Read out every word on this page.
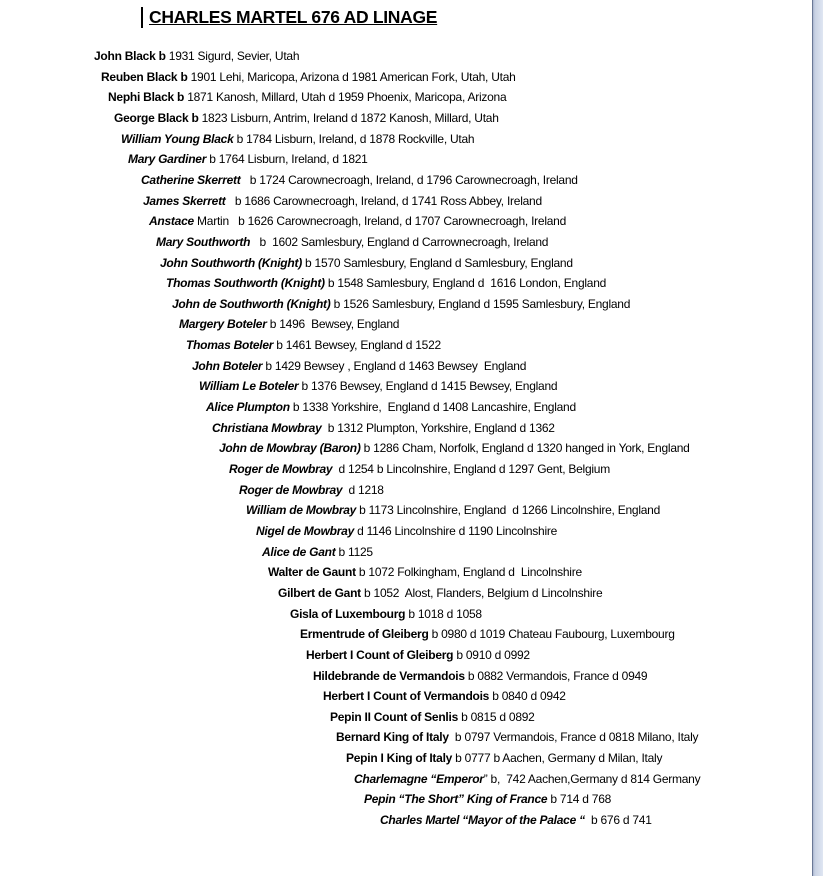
CHARLES MARTEL 676 AD LINAGE
John Black b 1931 Sigurd, Sevier, Utah
Reuben Black b 1901 Lehi, Maricopa, Arizona d 1981 American Fork, Utah, Utah
Nephi Black b 1871 Kanosh, Millard, Utah d 1959 Phoenix, Maricopa, Arizona
George Black b 1823 Lisburn, Antrim, Ireland d 1872 Kanosh, Millard, Utah
William Young Black b 1784 Lisburn, Ireland, d 1878 Rockville, Utah
Mary Gardiner b 1764 Lisburn, Ireland, d 1821
Catherine Skerrett   b 1724 Carownecroagh, Ireland, d 1796 Carownecroagh, Ireland
James Skerrett   b 1686 Carownecroagh, Ireland, d 1741 Ross Abbey, Ireland
Anstace Martin   b 1626 Carownecroagh, Ireland, d 1707 Carownecroagh, Ireland
Mary Southworth   b  1602 Samlesbury, England d Carrownecroagh, Ireland
John Southworth (Knight) b 1570 Samlesbury, England d Samlesbury, England
Thomas Southworth (Knight) b 1548 Samlesbury, England d  1616 London, England
John de Southworth (Knight) b 1526 Samlesbury, England d 1595 Samlesbury, England
Margery Boteler b 1496  Bewsey, England
Thomas Boteler b 1461 Bewsey, England d 1522
John Boteler b 1429 Bewsey , England d 1463 Bewsey  England
William Le Boteler b 1376 Bewsey, England d 1415 Bewsey, England
Alice Plumpton b 1338 Yorkshire,  England d 1408 Lancashire, England
Christiana Mowbray  b 1312 Plumpton, Yorkshire, England d 1362
John de Mowbray (Baron) b 1286 Cham, Norfolk, England d 1320 hanged in York, England
Roger de Mowbray  d 1254 b Lincolnshire, England d 1297 Gent, Belgium
Roger de Mowbray  d 1218
William de Mowbray b 1173 Lincolnshire, England  d 1266 Lincolnshire, England
Nigel de Mowbray d 1146 Lincolnshire d 1190 Lincolnshire
Alice de Gant b 1125
Walter de Gaunt b 1072 Folkingham, England d  Lincolnshire
Gilbert de Gant b 1052  Alost, Flanders, Belgium d Lincolnshire
Gisla of Luxembourg b 1018 d 1058
Ermentrude of Gleiberg b 0980 d 1019 Chateau Faubourg, Luxembourg
Herbert I Count of Gleiberg b 0910 d 0992
Hildebrande de Vermandois b 0882 Vermandois, France d 0949
Herbert I Count of Vermandois b 0840 d 0942
Pepin II Count of Senlis b 0815 d 0892
Bernard King of Italy  b 0797 Vermandois, France d 0818 Milano, Italy
Pepin I King of Italy b 0777 b Aachen, Germany d Milan, Italy
Charlemagne “Emperor” b,  742 Aachen,Germany d 814 Germany
Pepin “The Short” King of France b 714 d 768
Charles Martel “Mayor of the Palace “  b 676 d 741
